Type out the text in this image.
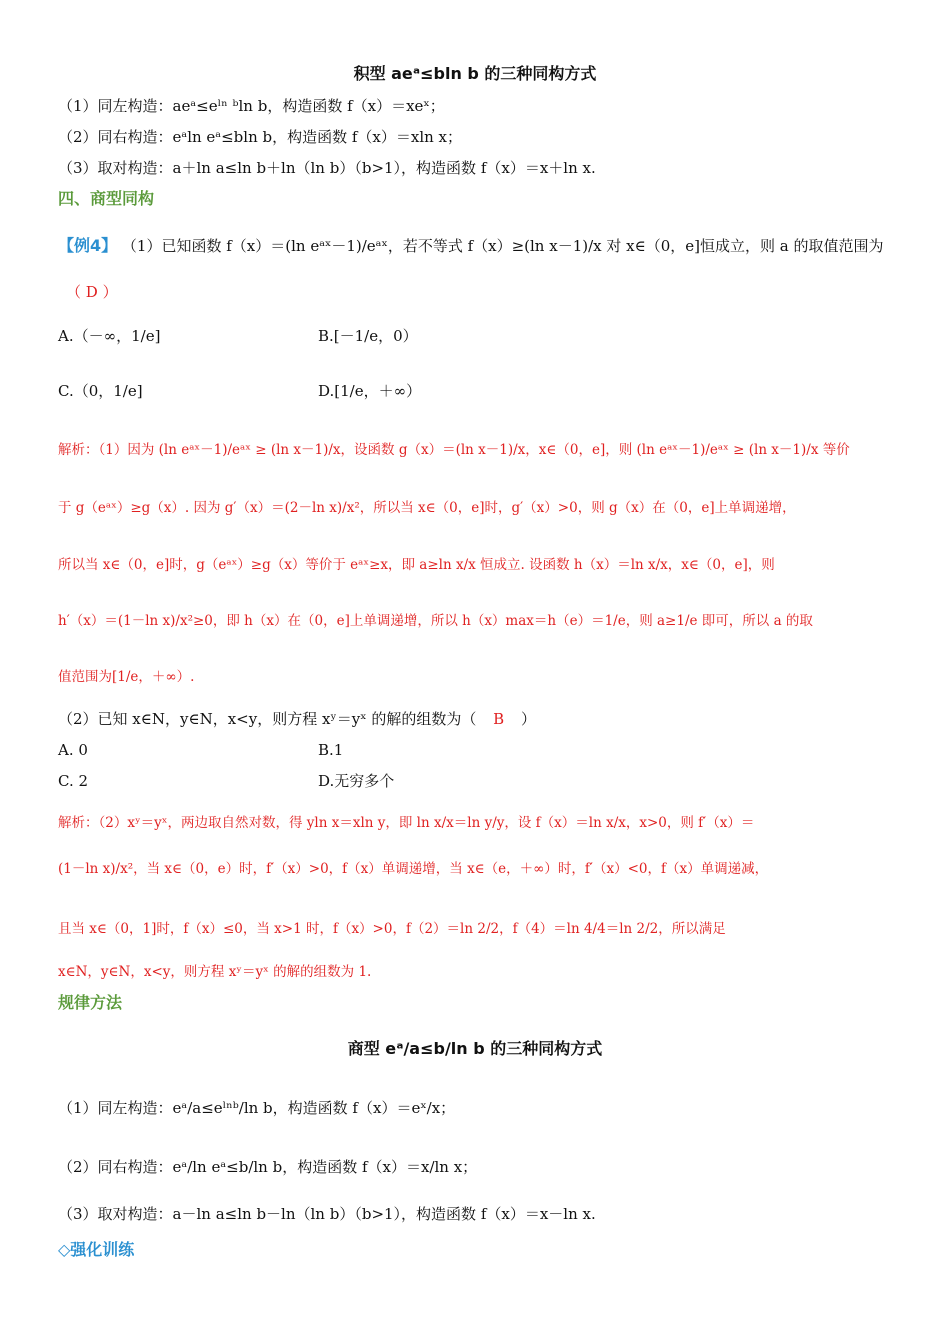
积型 aeᵃ≤bln b 的三种同构方式
（1）同左构造：aeᵃ≤eˡⁿ ᵇln b，构造函数 f（x）＝xeˣ；
（2）同右构造：eᵃln eᵃ≤bln b，构造函数 f（x）＝xln x；
（3）取对构造：a＋ln a≤ln b＋ln（ln b）（b>1），构造函数 f（x）＝x＋ln x.
四、商型同构
【例4】 （1）已知函数 f（x）＝(ln eᵃˣ－1)/eᵃˣ，若不等式 f（x）≥(ln x－1)/x 对 x∈（0，e]恒成立，则 a 的取值范围为
（ D ）
A.（－∞，1/e]	B.[－1/e，0）
C.（0，1/e]	D.[1/e，＋∞）
解析：（1）因为 (ln eᵃˣ－1)/eᵃˣ ≥ (ln x－1)/x，设函数 g（x）＝(ln x－1)/x，x∈（0，e]，则 (ln eᵃˣ－1)/eᵃˣ ≥ (ln x－1)/x 等价
于 g（eᵃˣ）≥g（x）. 因为 g′（x）＝(2－ln x)/x²，所以当 x∈（0，e]时，g′（x）>0，则 g（x）在（0，e]上单调递增，
所以当 x∈（0，e]时，g（eᵃˣ）≥g（x）等价于 eᵃˣ≥x，即 a≥ln x/x 恒成立. 设函数 h（x）＝ln x/x，x∈（0，e]，则
h′（x）＝(1－ln x)/x²≥0，即 h（x）在（0，e]上单调递增，所以 h（x）max＝h（e）＝1/e，则 a≥1/e 即可，所以 a 的取
值范围为[1/e，＋∞）.
（2）已知 x∈N，y∈N，x<y，则方程 xʸ＝yˣ 的解的组数为（ B ）
A. 0	B.1
C. 2	D.无穷多个
解析：（2）xʸ＝yˣ，两边取自然对数，得 yln x＝xln y，即 ln x/x＝ln y/y，设 f（x）＝ln x/x，x>0，则 f′（x）＝
(1－ln x)/x²，当 x∈（0，e）时，f′（x）>0，f（x）单调递增，当 x∈（e，＋∞）时，f′（x）<0，f（x）单调递减，
且当 x∈（0，1]时，f（x）≤0，当 x>1 时，f（x）>0，f（2）＝ln 2/2，f（4）＝ln 4/4＝ln 2/2，所以满足
x∈N，y∈N，x<y，则方程 xʸ＝yˣ 的解的组数为 1.
规律方法
商型 eᵃ/a≤b/ln b 的三种同构方式
（1）同左构造：eᵃ/a≤eˡⁿᵇ/ln b，构造函数 f（x）＝eˣ/x；
（2）同右构造：eᵃ/ln eᵃ≤b/ln b，构造函数 f（x）＝x/ln x；
（3）取对构造：a－ln a≤ln b－ln（ln b）（b>1），构造函数 f（x）＝x－ln x.
◇强化训练
